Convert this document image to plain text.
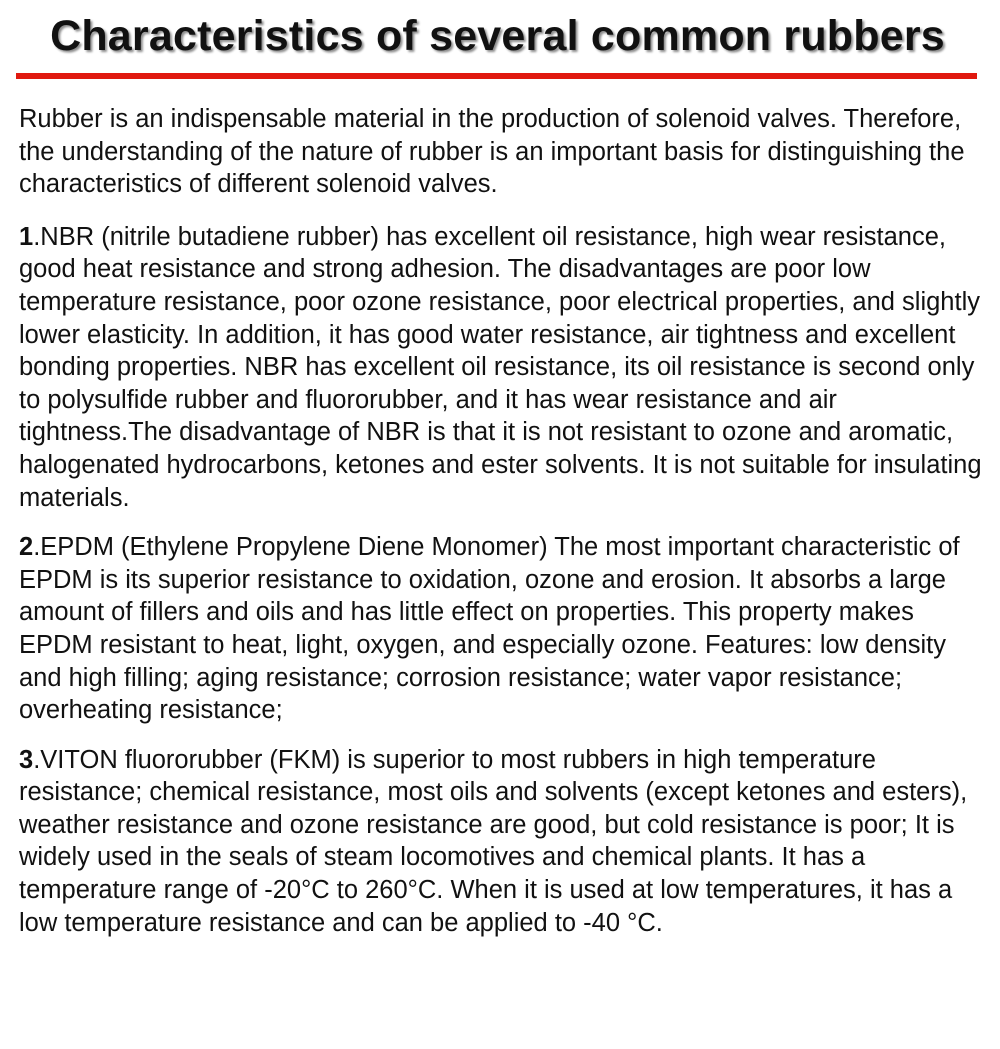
Characteristics of several common rubbers

Rubber is an indispensable material in the production of solenoid valves. Therefore, the understanding of the nature of rubber is an important basis for distinguishing the characteristics of different solenoid valves.

1.NBR (nitrile butadiene rubber) has excellent oil resistance, high wear resistance, good heat resistance and strong adhesion. The disadvantages are poor low temperature resistance, poor ozone resistance, poor electrical properties, and slightly lower elasticity. In addition, it has good water resistance, air tightness and excellent bonding properties. NBR has excellent oil resistance, its oil resistance is second only to polysulfide rubber and fluororubber, and it has wear resistance and air tightness.The disadvantage of NBR is that it is not resistant to ozone and aromatic, halogenated hydrocarbons, ketones and ester solvents. It is not suitable for insulating materials.

2.EPDM (Ethylene Propylene Diene Monomer) The most important characteristic of EPDM is its superior resistance to oxidation, ozone and erosion. It absorbs a large amount of fillers and oils and has little effect on properties. This property makes EPDM resistant to heat, light, oxygen, and especially ozone. Features: low density and high filling; aging resistance; corrosion resistance; water vapor resistance; overheating resistance;

3.VITON fluororubber (FKM) is superior to most rubbers in high temperature resistance; chemical resistance, most oils and solvents (except ketones and esters), weather resistance and ozone resistance are good, but cold resistance is poor; It is widely used in the seals of steam locomotives and chemical plants. It has a temperature range of -20°C to 260°C. When it is used at low temperatures, it has a low temperature resistance and can be applied to -40 °C.
